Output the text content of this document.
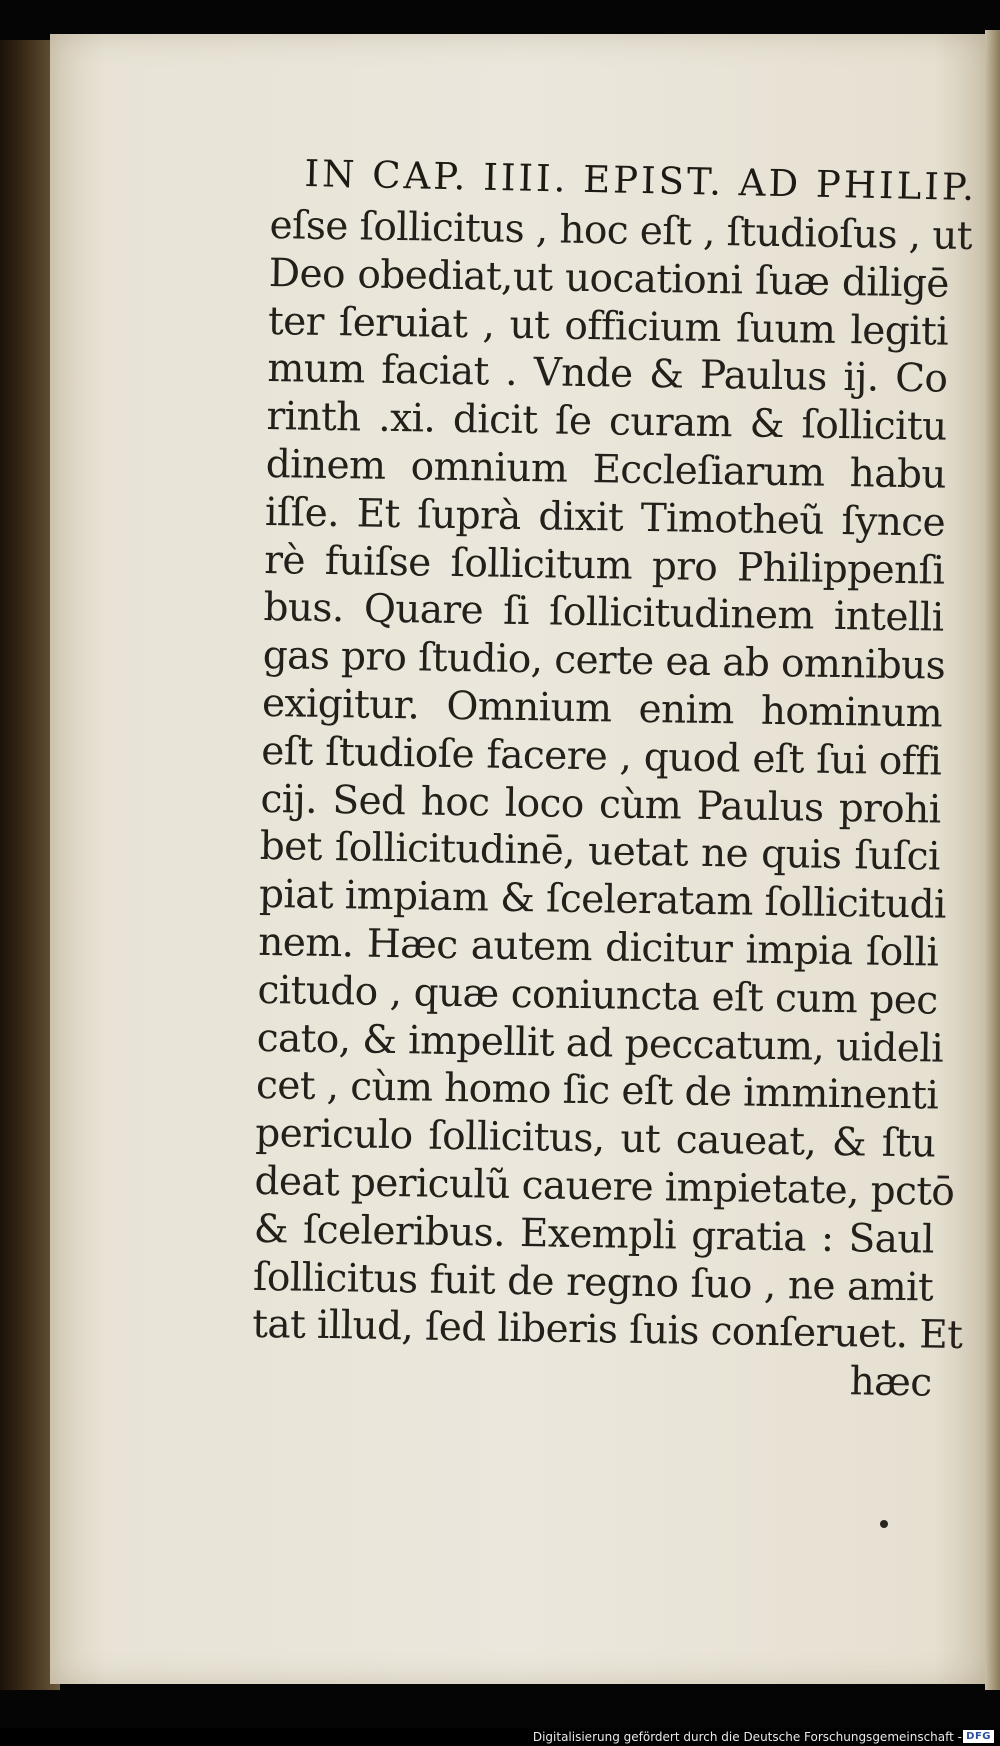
IN CAP. IIII. EPIST. AD PHILIP.
eſse ſollicitus , hoc eſt , ſtudioſus , ut
Deo obediat,ut uocationi ſuæ diligē
ter ſeruiat , ut officium ſuum legiti
mum faciat . Vnde & Paulus ij. Co
rinth .xi. dicit ſe curam & ſollicitu
dinem omnium Eccleſiarum habu
iſſe. Et ſuprà dixit Timotheũ ſynce
rè fuiſse ſollicitum pro Philippenſi
bus. Quare ſi ſollicitudinem intelli
gas pro ſtudio, certe ea ab omnibus
exigitur. Omnium enim hominum
eſt ſtudioſe facere , quod eſt ſui offi
cij. Sed hoc loco cùm Paulus prohi
bet ſollicitudinē, uetat ne quis ſuſci
piat impiam & ſceleratam ſollicitudi
nem. Hæc autem dicitur impia ſolli
citudo , quæ coniuncta eſt cum pec
cato, & impellit ad peccatum, uideli
cet , cùm homo ſic eſt de imminenti
periculo ſollicitus, ut caueat, & ſtu
deat periculũ cauere impietate, pctō
& ſceleribus. Exempli gratia : Saul
ſollicitus fuit de regno ſuo , ne amit
tat illud, ſed liberis ſuis conſeruet. Et
hæc
Digitalisierung gefördert durch die Deutsche Forschungsgemeinschaft - DFG
